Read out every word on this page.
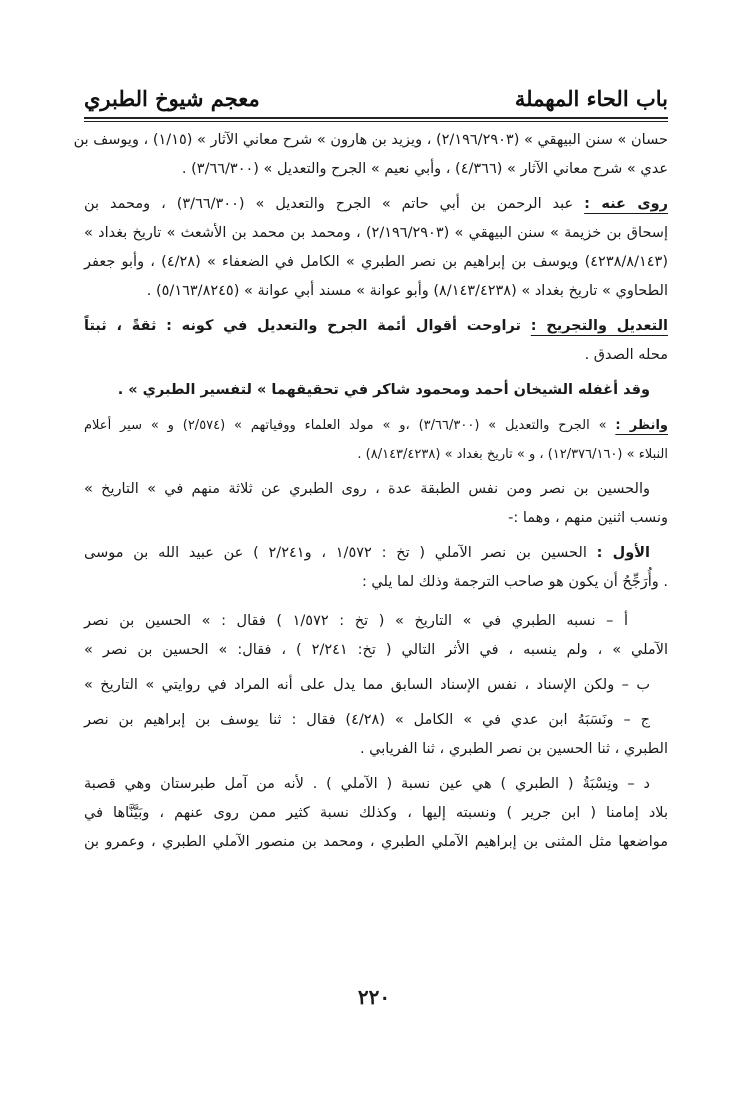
باب الحاء المهملة
معجم شيوخ الطبري
حسان » سنن البيهقي » (۲/۱۹٦/۲۹۰۳) ، ويزيد بن هارون » شرح معاني الآثار » (۱/۱٥) ، ويوسف بن
عدي » شرح معاني الآثار » (٤/۳٦٦) ، وأبي نعيم » الجرح والتعديل » (۳/٦٦/۳۰۰) .
روى عنه : عبد الرحمن بن أبي حاتم » الجرح والتعديل » (۳/٦٦/۳۰۰) ، ومحمد بن
إسحاق بن خزيمة » سنن البيهقي » (۲/۱۹٦/۲۹۰۳) ، ومحمد بن محمد بن الأشعث » تاريخ بغداد »
(۸/۱٤۳/٤۲۳۸) ويوسف بن إبراهيم بن نصر الطبري » الكامل في الضعفاء » (٤/۲۸) ، وأبو جعفر
الطحاوي » تاريخ بغداد » (۸/۱٤۳/٤۲۳۸) وأبو عوانة » مسند أبي عوانة » (٥/۱٦۳/۸۲٤٥) .
التعديل والتجريح : تراوحت أقوال أئمة الجرح والتعديل في كونه : ثقةً ، ثبتاً
محله الصدق .
وقد أغفله الشيخان أحمد ومحمود شاكر في تحقيقهما » لتفسير الطبري » .
وانظر : » الجرح والتعديل » (۳/٦٦/۳۰۰) ،و » مولد العلماء ووفياتهم » (۲/٥۷٤) و » سير أعلام
النبلاء » (۱۲/۳۷٦/۱٦۰) ، و » تاريخ بغداد » (۸/۱٤۳/٤۲۳۸) .
والحسين بن نصر ومن نفس الطبقة عدة ، روى الطبري عن ثلاثة منهم في » التاريخ »
ونسب اثنين منهم ، وهما :-
الأول : الحسين بن نصر الآملي ( تخ : ۱/٥۷۲ ، و۲/۲٤۱ ) عن عبيد الله بن موسى
. وأُرَجِّحُ أن يكون هو صاحب الترجمة وذلك لما يلي :
أ – نسبه الطبري في » التاريخ » ( تخ : ۱/٥۷۲ ) فقال : » الحسين بن نصر
الآملي » ، ولم ينسبه ، في الأثر التالي ( تخ: ۲/۲٤۱ ) ، فقال: » الحسين بن نصر »
ب – ولكن الإسناد ، نفس الإسناد السابق مما يدل على أنه المراد في روايتي » التاريخ »
ج – ونَسَبَهُ ابن عدي في » الكامل » (٤/۲۸) فقال : ثنا يوسف بن إبراهيم بن نصر
الطبري ، ثنا الحسين بن نصر الطبري ، ثنا الفريابي .
د – ونِسْبَةُ ( الطبري ) هي عين نسبة ( الآملي ) . لأنه من آمل طبرستان وهي قصبة
بلاد إمامنا ( ابن جرير ) ونسبته إليها ، وكذلك نسبة كثير ممن روى عنهم ، وبَيَّنَّاها في
مواضعها مثل المثنى بن إبراهيم الآملي الطبري ، ومحمد بن منصور الآملي الطبري ، وعمرو بن
۲۲۰
